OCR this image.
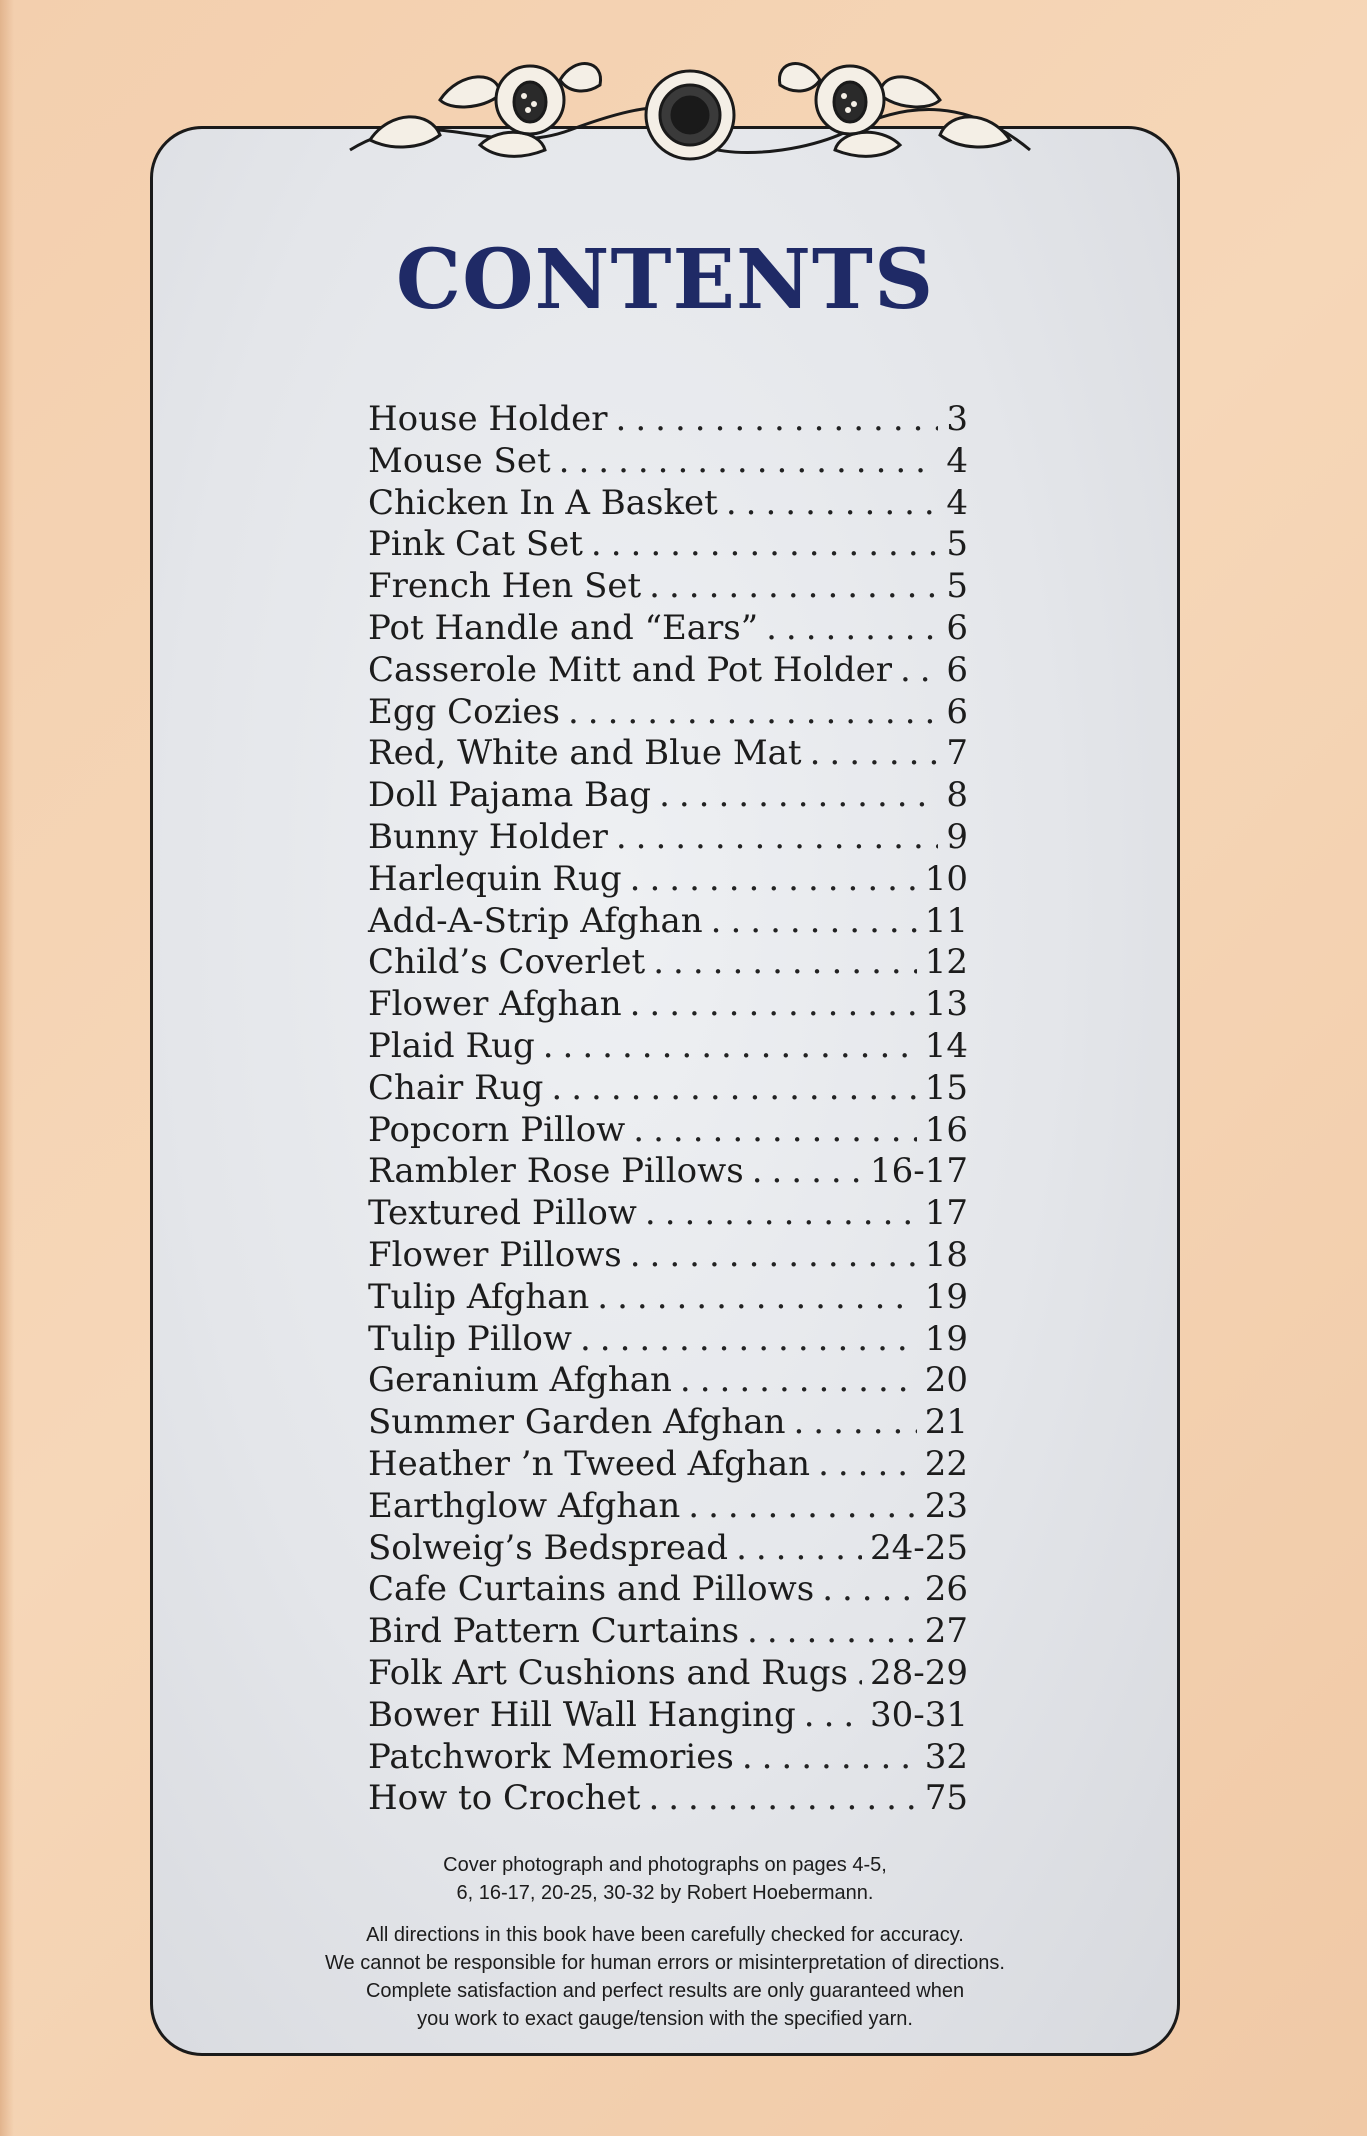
CONTENTS
House Holder .....	3
Mouse Set .....	4
Chicken In A Basket .....	4
Pink Cat Set .....	5
French Hen Set .....	5
Pot Handle and “Ears” .....	6
Casserole Mitt and Pot Holder ..... 6
Egg Cozies .....	6
Red, White and Blue Mat .....	7
Doll Pajama Bag .....	8
Bunny Holder .....	9
Harlequin Rug .....	10
Add-A-Strip Afghan .....	11
Child’s Coverlet .....	12
Flower Afghan .....	13
Plaid Rug .....	14
Chair Rug .....	15
Popcorn Pillow .....	16
Rambler Rose Pillows .....	16-17
Textured Pillow .....	17
Flower Pillows .....	18
Tulip Afghan .....	19
Tulip Pillow .....	19
Geranium Afghan .....	20
Summer Garden Afghan .....	21
Heather ’n Tweed Afghan .....	22
Earthglow Afghan .....	23
Solweig’s Bedspread .....	24-25
Cafe Curtains and Pillows .....	26
Bird Pattern Curtains .....	27
Folk Art Cushions and Rugs ..... 28-29
Bower Hill Wall Hanging ..... 30-31
Patchwork Memories .....	32
How to Crochet .....	75
Cover photograph and photographs on pages 4-5,
6, 16-17, 20-25, 30-32 by Robert Hoebermann.
All directions in this book have been carefully checked for accuracy.
We cannot be responsible for human errors or misinterpretation of directions.
Complete satisfaction and perfect results are only guaranteed when
you work to exact gauge/tension with the specified yarn.
